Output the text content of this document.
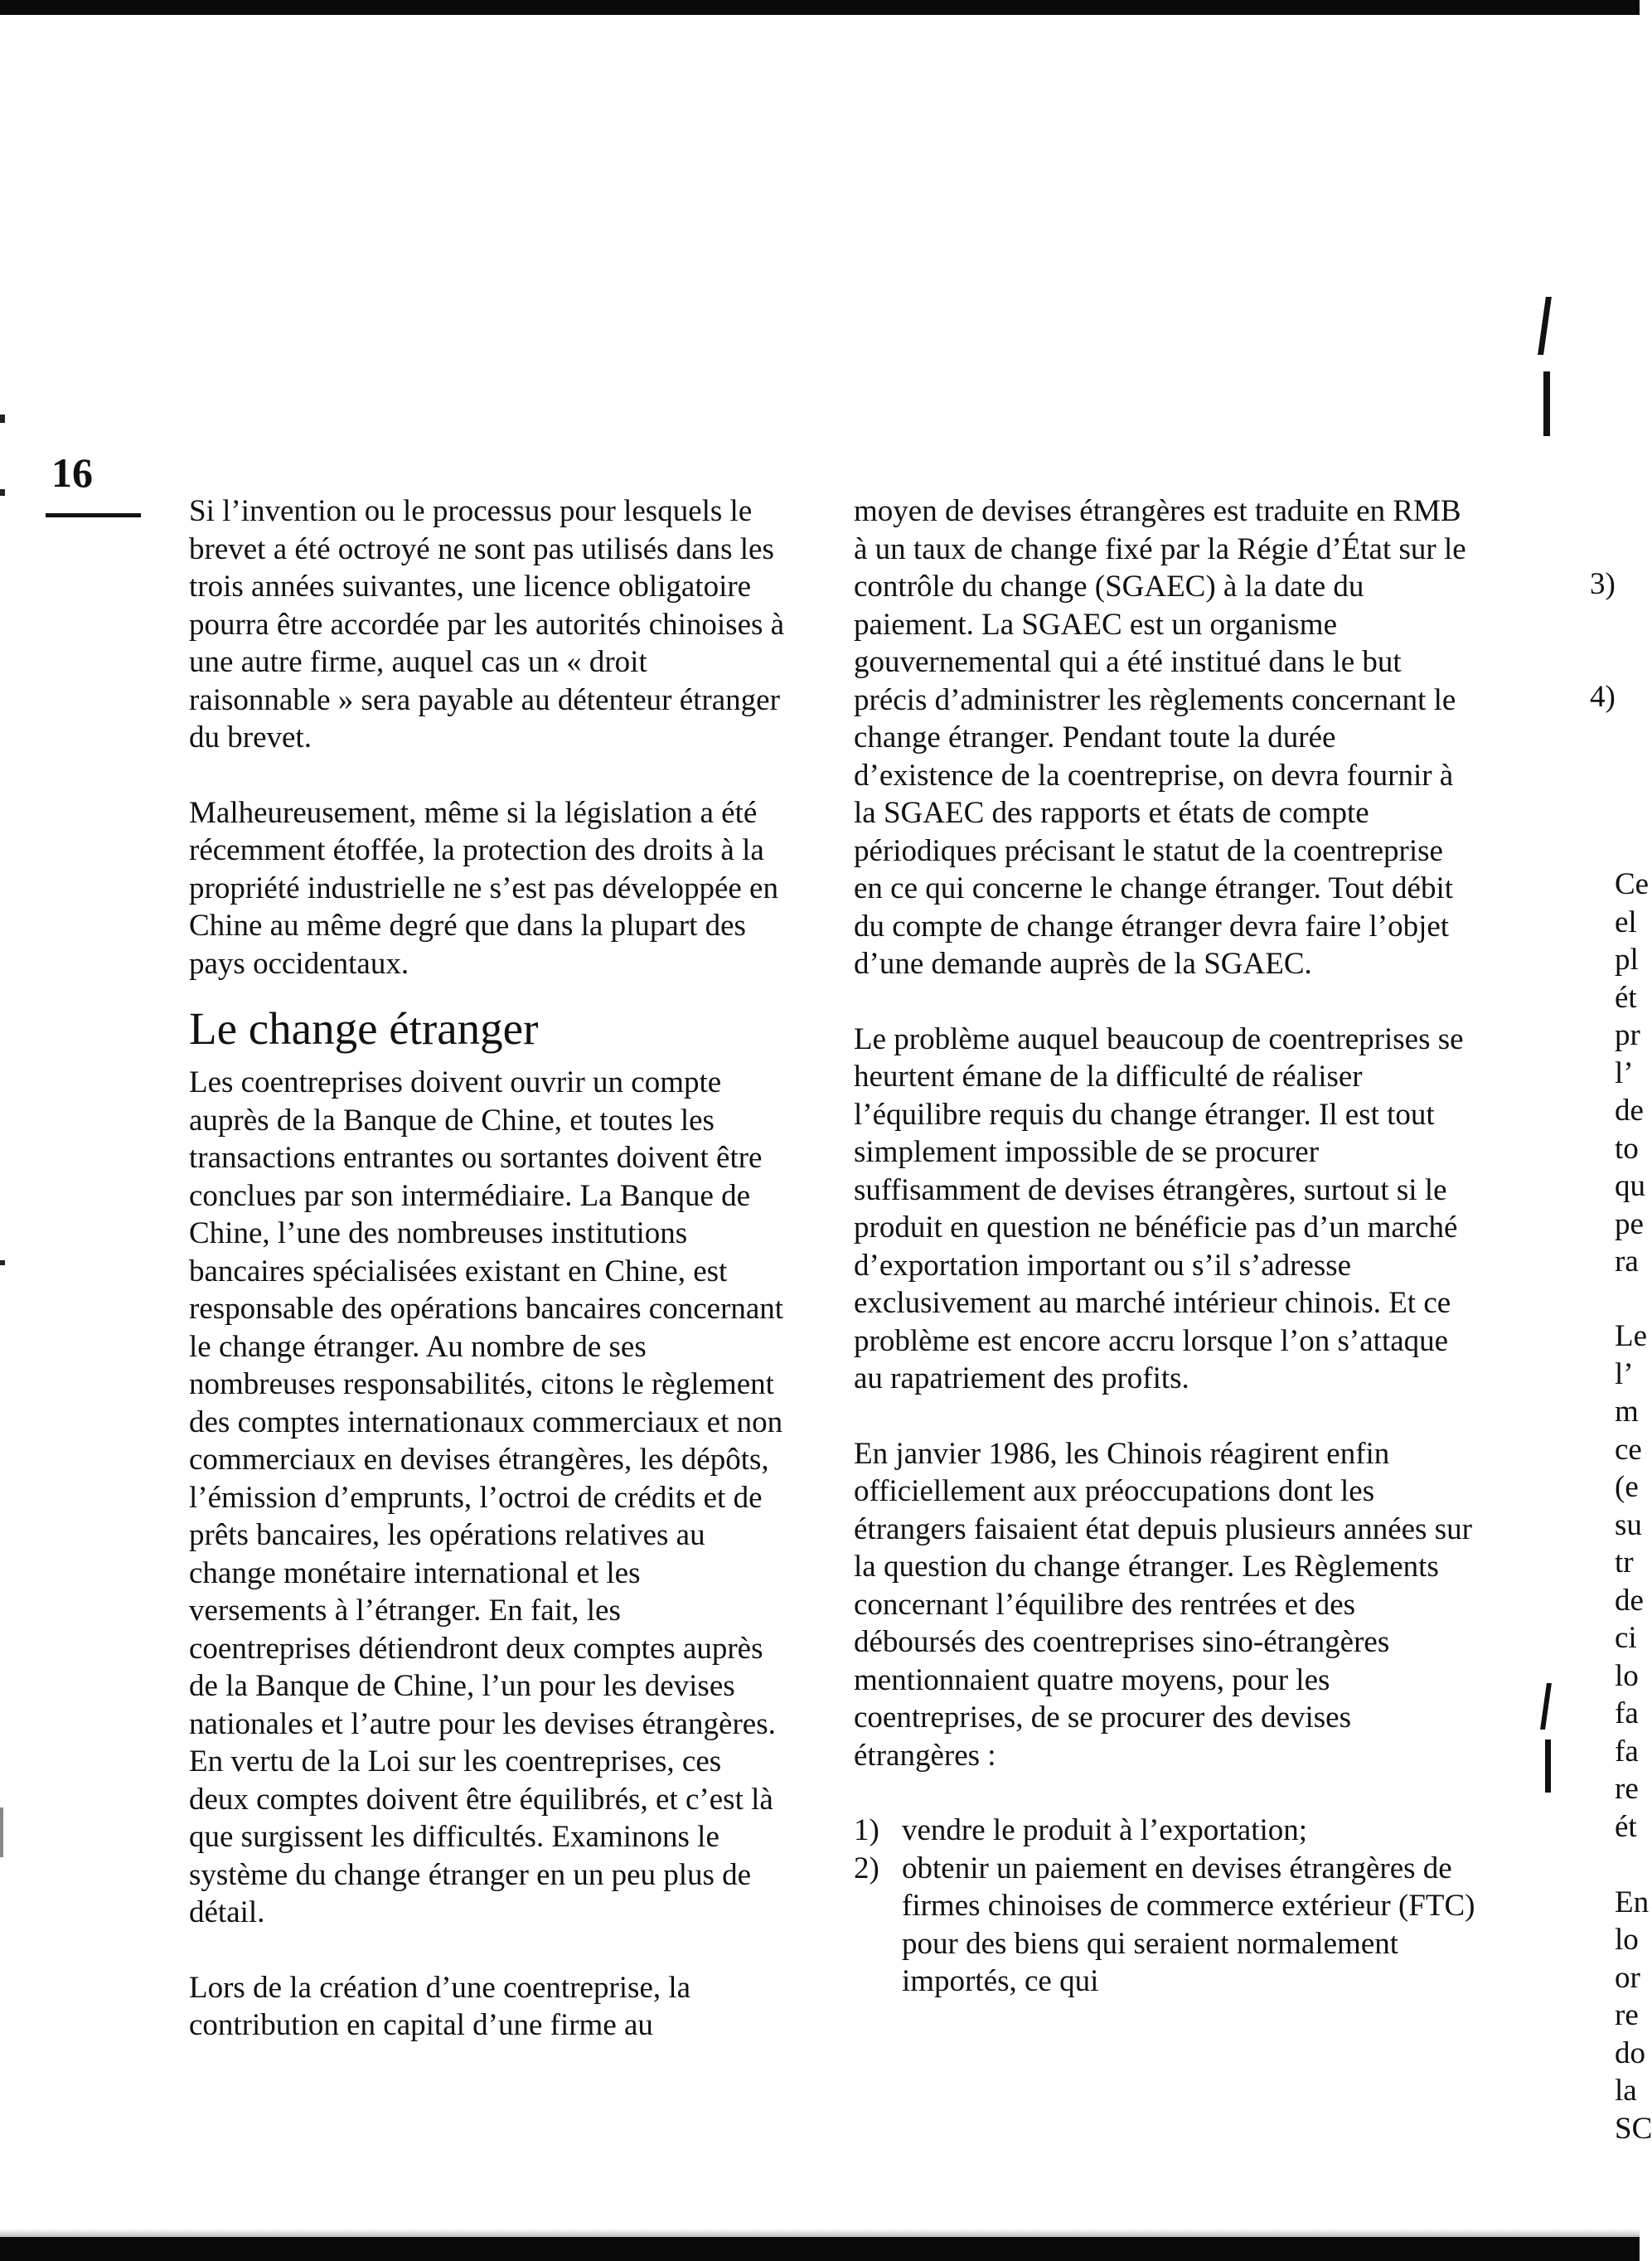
16

Si l’invention ou le processus pour lesquels le brevet a été octroyé ne sont pas utilisés dans les trois années suivantes, une licence obligatoire pourra être accordée par les autorités chinoises à une autre firme, auquel cas un « droit raisonnable » sera payable au détenteur étranger du brevet.

Malheureusement, même si la législation a été récemment étoffée, la protection des droits à la propriété industrielle ne s’est pas développée en Chine au même degré que dans la plupart des pays occidentaux.

Le change étranger

Les coentreprises doivent ouvrir un compte auprès de la Banque de Chine, et toutes les transactions entrantes ou sortantes doivent être conclues par son intermédiaire. La Banque de Chine, l’une des nombreuses institutions bancaires spécialisées existant en Chine, est responsable des opérations bancaires concernant le change étranger. Au nombre de ses nombreuses responsabilités, citons le règlement des comptes internationaux commerciaux et non commerciaux en devises étrangères, les dépôts, l’émission d’emprunts, l’octroi de crédits et de prêts bancaires, les opérations relatives au change monétaire international et les versements à l’étranger. En fait, les coentreprises détiendront deux comptes auprès de la Banque de Chine, l’un pour les devises nationales et l’autre pour les devises étrangères. En vertu de la Loi sur les coentreprises, ces deux comptes doivent être équilibrés, et c’est là que surgissent les difficultés. Examinons le système du change étranger en un peu plus de détail.

Lors de la création d’une coentreprise, la contribution en capital d’une firme au

moyen de devises étrangères est traduite en RMB à un taux de change fixé par la Régie d’État sur le contrôle du change (SGAEC) à la date du paiement. La SGAEC est un organisme gouvernemental qui a été institué dans le but précis d’administrer les règlements concernant le change étranger. Pendant toute la durée d’existence de la coentreprise, on devra fournir à la SGAEC des rapports et états de compte périodiques précisant le statut de la coentreprise en ce qui concerne le change étranger. Tout débit du compte de change étranger devra faire l’objet d’une demande auprès de la SGAEC.

Le problème auquel beaucoup de coentreprises se heurtent émane de la difficulté de réaliser l’équilibre requis du change étranger. Il est tout simplement impossible de se procurer suffisamment de devises étrangères, surtout si le produit en question ne bénéficie pas d’un marché d’exportation important ou s’il s’adresse exclusivement au marché intérieur chinois. Et ce problème est encore accru lorsque l’on s’attaque au rapatriement des profits.

En janvier 1986, les Chinois réagirent enfin officiellement aux préoccupations dont les étrangers faisaient état depuis plusieurs années sur la question du change étranger. Les Règlements concernant l’équilibre des rentrées et des déboursés des coentreprises sino-étrangères mentionnaient quatre moyens, pour les coentreprises, de se procurer des devises étrangères :

1) vendre le produit à l’exportation;
2) obtenir un paiement en devises étrangères de firmes chinoises de commerce extérieur (FTC) pour des biens qui seraient normalement importés, ce qui
3)
4)
Ce
el
pl
ét
pr
l’
de
to
qu
pe
ra
Le
l’
m
ce
(e
su
tr
de
ci
lo
fa
fa
re
ét
En
lo
or
re
do
la
SC
